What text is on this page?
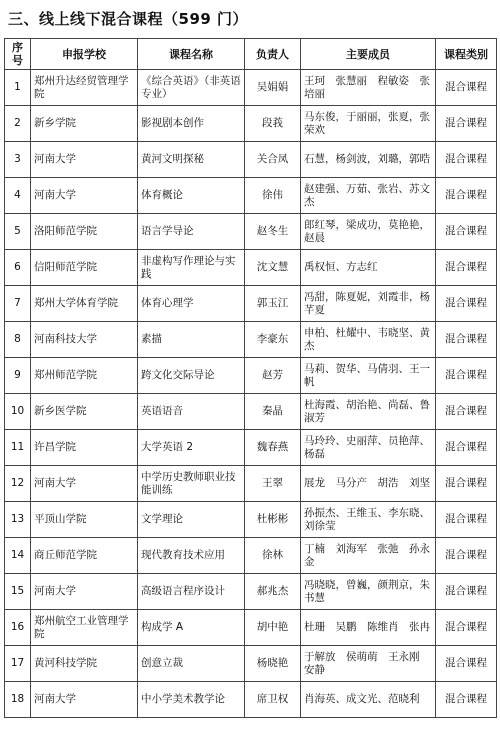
三、线上线下混合课程（599 门）
序号	申报学校	课程名称	负责人	主要成员	课程类别
1	郑州升达经贸管理学院	《综合英语》（非英语专业）	吴娟娟	王珂　张慧丽　程敏姿　张培丽	混合课程
2	新乡学院	影视剧本创作	段莪	马东俊，于丽丽，张夏，张荣欢	混合课程
3	河南大学	黄河文明探秘	关合凤	石慧，杨剑波，刘璐，郭晧	混合课程
4	河南大学	体育概论	徐伟	赵建强、万茹、张岩、苏文杰	混合课程
5	洛阳师范学院	语言学导论	赵冬生	郎红琴，梁成功，莫艳艳，赵晨	混合课程
6	信阳师范学院	非虚构写作理论与实践	沈文慧	禹权恒、方志红	混合课程
7	郑州大学体育学院	体育心理学	郭玉江	冯甜，陈夏妮，刘霞非，杨芊夏	混合课程
8	河南科技大学	素描	李豪东	申柏、杜耀中、韦晓坚、黄杰	混合课程
9	郑州师范学院	跨文化交际导论	赵芳	马莉、贺华、马倩羽、王一帆	混合课程
10	新乡医学院	英语语音	秦晶	杜海霞、胡治艳、尚磊、鲁淑芳	混合课程
11	许昌学院	大学英语 2	魏春燕	马玲玲、史丽萍、员艳萍、杨磊	混合课程
12	河南大学	中学历史教师职业技能训练	王翠	展龙　马分产　胡浩　刘坚	混合课程
13	平顶山学院	文学理论	杜彬彬	孙振杰、王维玉、李东晓、刘徐莹	混合课程
14	商丘师范学院	现代教育技术应用	徐林	丁楠　刘海军　张弛　孙永金	混合课程
15	河南大学	高级语言程序设计	郝兆杰	冯晓晓，曾巍，颜荆京，朱书慧	混合课程
16	郑州航空工业管理学院	构成学 A	胡中艳	杜珊　吴鹏　陈维肖　张冉	混合课程
17	黄河科技学院	创意立裁	杨晓艳	于解放　侯萌萌　王永刚　安静	混合课程
18	河南大学	中小学美术教学论	席卫权	肖海英、成文光、范晓利	混合课程
